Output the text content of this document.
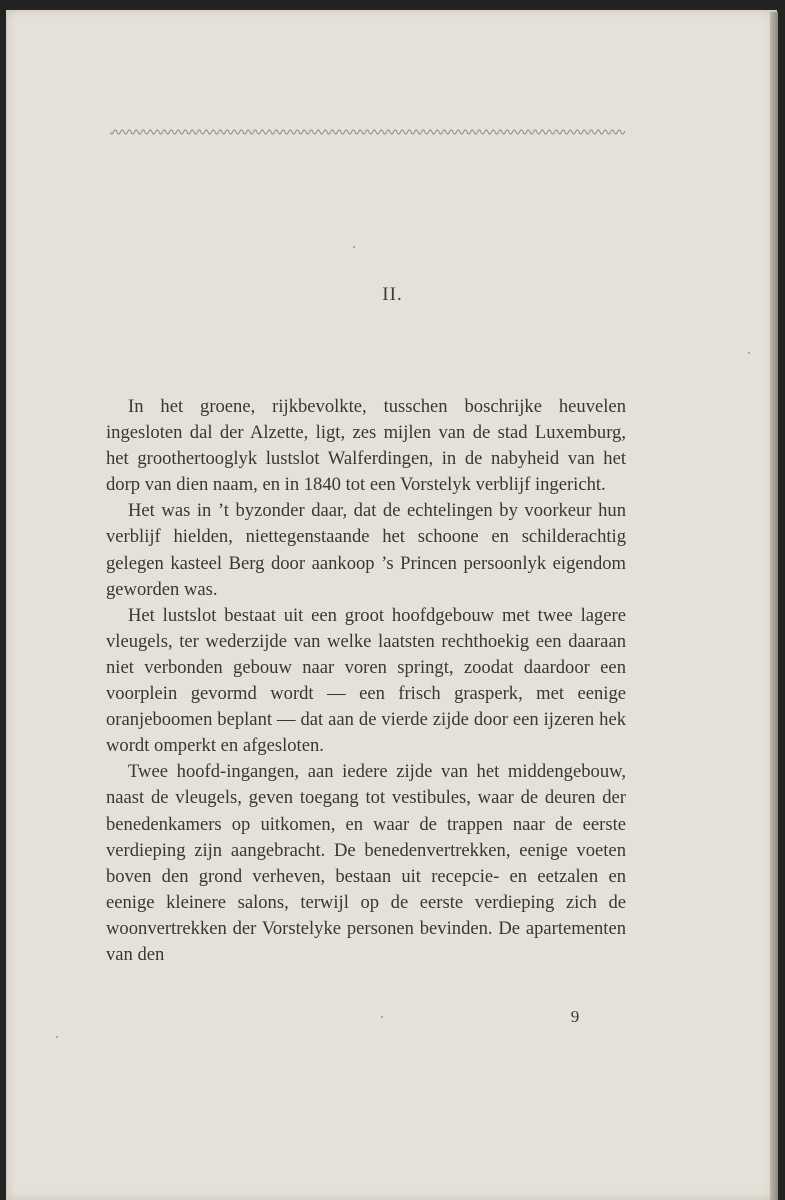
II.

In het groene, rijkbevolkte, tusschen boschrijke heuvelen ingesloten dal der Alzette, ligt, zes mijlen van de stad Luxemburg, het groothertooglyk lustslot Walferdingen, in de nabyheid van het dorp van dien naam, en in 1840 tot een Vorstelyk verblijf ingericht.

Het was in ’t byzonder daar, dat de echtelingen by voorkeur hun verblijf hielden, niettegenstaande het schoone en schilderachtig gelegen kasteel Berg door aankoop ’s Princen persoonlyk eigendom geworden was.

Het lustslot bestaat uit een groot hoofdgebouw met twee lagere vleugels, ter wederzijde van welke laatsten rechthoekig een daaraan niet verbonden gebouw naar voren springt, zoodat daardoor een voorplein gevormd wordt — een frisch grasperk, met eenige oranjeboomen beplant — dat aan de vierde zijde door een ijzeren hek wordt omperkt en afgesloten.

Twee hoofd-ingangen, aan iedere zijde van het middengebouw, naast de vleugels, geven toegang tot vestibules, waar de deuren der benedenkamers op uitkomen, en waar de trappen naar de eerste verdieping zijn aangebracht. De benedenvertrekken, eenige voeten boven den grond verheven, bestaan uit recepcie- en eetzalen en eenige kleinere salons, terwijl op de eerste verdieping zich de woonvertrekken der Vorstelyke personen bevinden. De apartementen van den

9
